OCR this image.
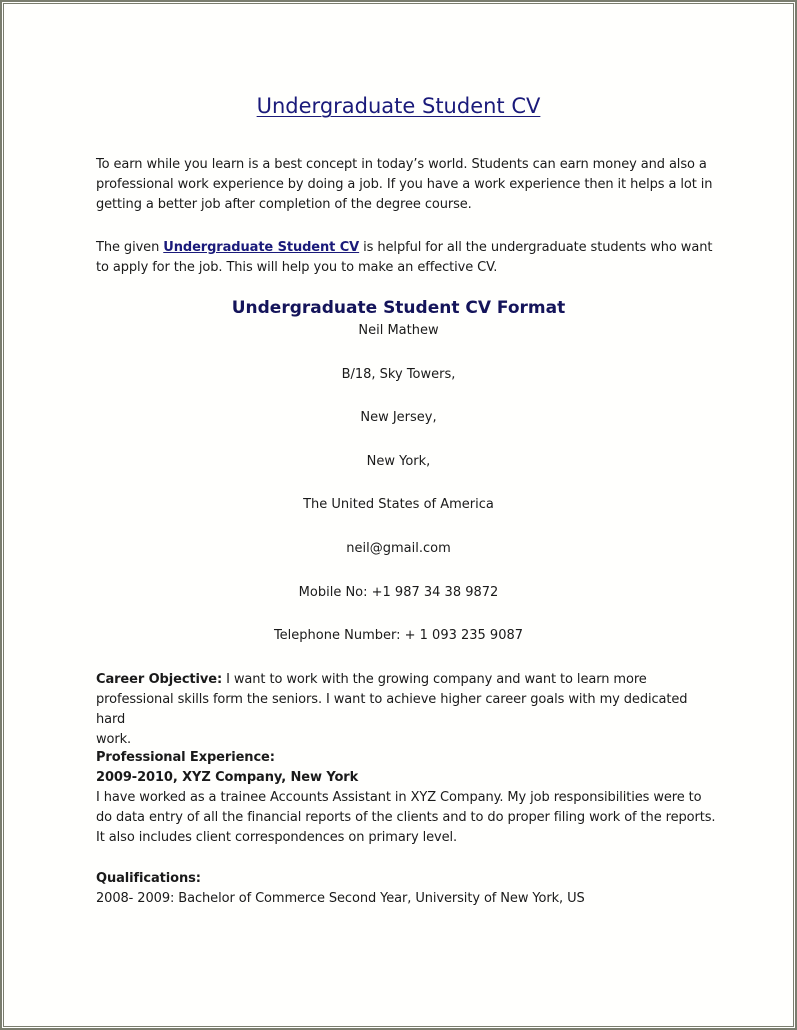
Undergraduate Student CV
To earn while you learn is a best concept in today’s world. Students can earn money and also a
professional work experience by doing a job. If you have a work experience then it helps a lot in
getting a better job after completion of the degree course.
The given Undergraduate Student CV is helpful for all the undergraduate students who want
to apply for the job. This will help you to make an effective CV.
Undergraduate Student CV Format
Neil Mathew
B/18, Sky Towers,
New Jersey,
New York,
The United States of America
neil@gmail.com
Mobile No: +1 987 34 38 9872
Telephone Number: + 1 093 235 9087
Career Objective: I want to work with the growing company and want to learn more
professional skills form the seniors. I want to achieve higher career goals with my dedicated hard
work.
Professional Experience:
2009-2010, XYZ Company, New York
I have worked as a trainee Accounts Assistant in XYZ Company. My job responsibilities were to
do data entry of all the financial reports of the clients and to do proper filing work of the reports.
It also includes client correspondences on primary level.
Qualifications:
2008- 2009: Bachelor of Commerce Second Year, University of New York, US
